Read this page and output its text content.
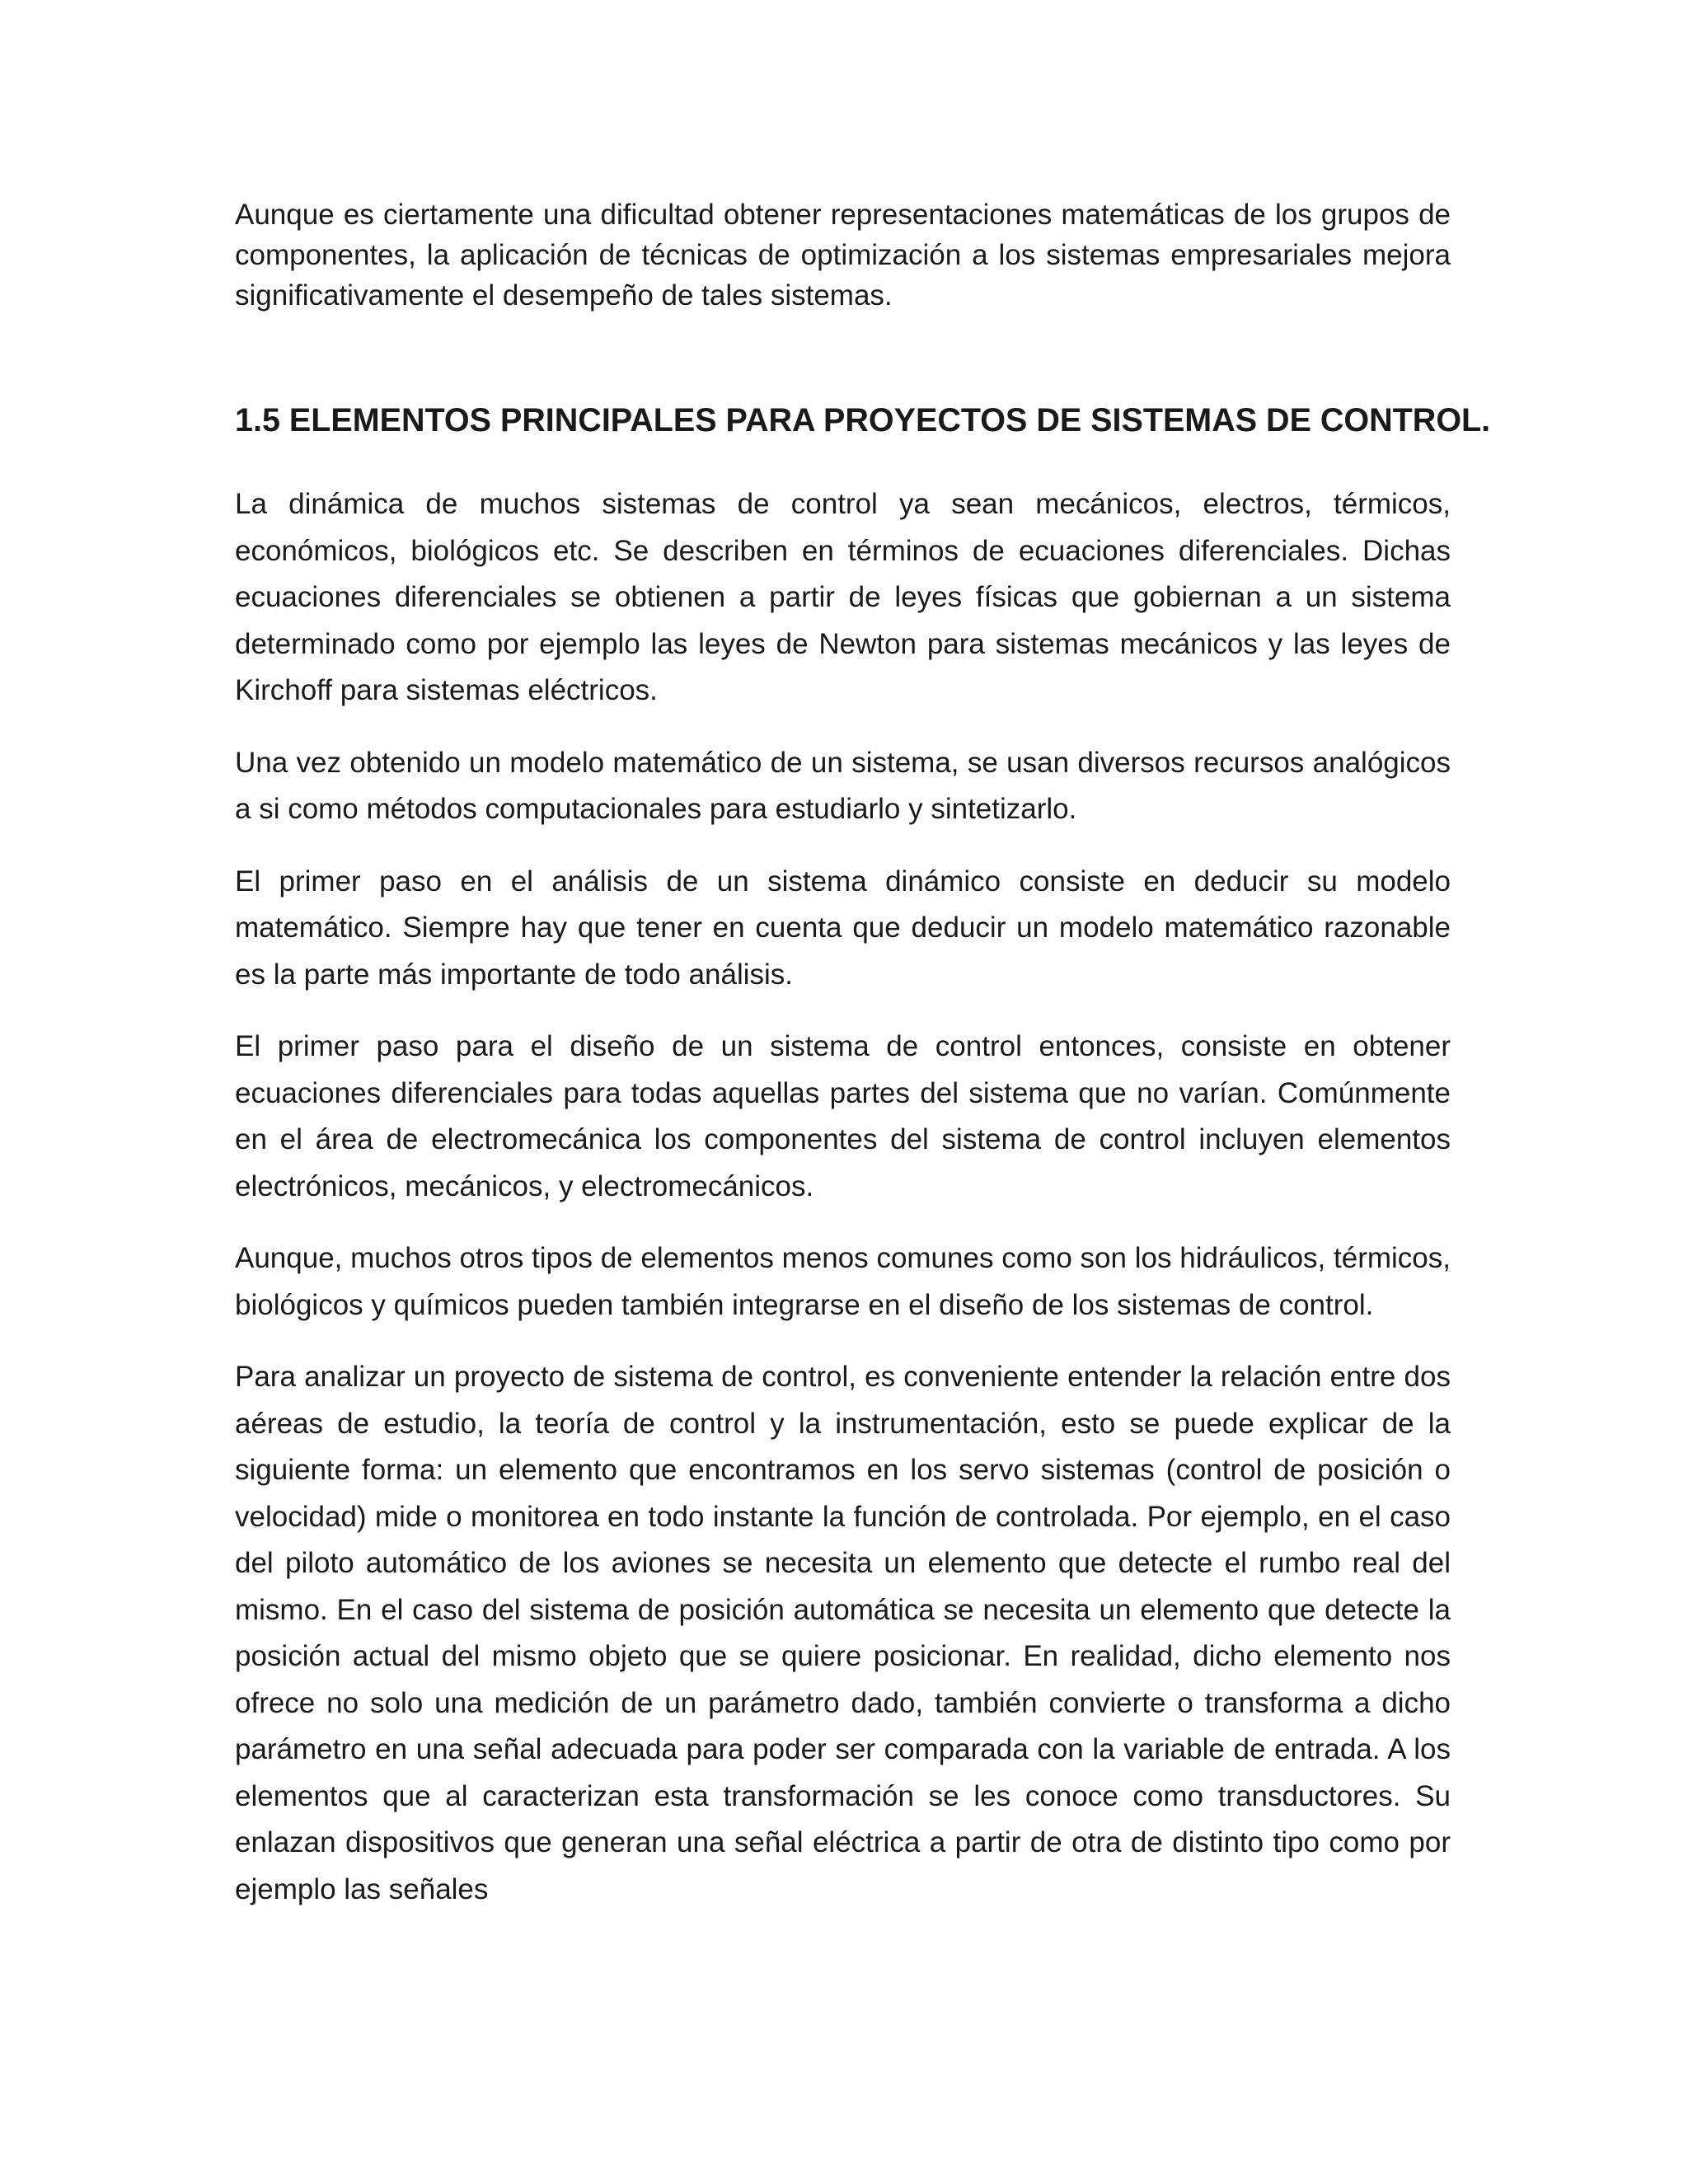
Aunque es ciertamente una dificultad obtener representaciones matemáticas de los grupos de componentes, la aplicación de técnicas de optimización a los sistemas empresariales mejora significativamente el desempeño de tales sistemas.

1.5 ELEMENTOS PRINCIPALES PARA PROYECTOS DE SISTEMAS DE CONTROL.

La dinámica de muchos sistemas de control ya sean mecánicos, electros, térmicos, económicos, biológicos etc. Se describen en términos de ecuaciones diferenciales. Dichas ecuaciones diferenciales se obtienen a partir de leyes físicas que gobiernan a un sistema determinado como por ejemplo las leyes de Newton para sistemas mecánicos y las leyes de Kirchoff para sistemas eléctricos.

Una vez obtenido un modelo matemático de un sistema, se usan diversos recursos analógicos a si como métodos computacionales para estudiarlo y sintetizarlo.

El primer paso en el análisis de un sistema dinámico consiste en deducir su modelo matemático. Siempre hay que tener en cuenta que deducir un modelo matemático razonable es la parte más importante de todo análisis.

El primer paso para el diseño de un sistema de control entonces, consiste en obtener ecuaciones diferenciales para todas aquellas partes del sistema que no varían. Comúnmente en el área de electromecánica los componentes del sistema de control incluyen elementos electrónicos, mecánicos, y electromecánicos.

Aunque, muchos otros tipos de elementos menos comunes como son los hidráulicos, térmicos, biológicos y químicos pueden también integrarse en el diseño de los sistemas de control.

Para analizar un proyecto de sistema de control, es conveniente entender la relación entre dos aéreas de estudio, la teoría de control y la instrumentación, esto se puede explicar de la siguiente forma: un elemento que encontramos en los servo sistemas (control de posición o velocidad) mide o monitorea en todo instante la función de controlada. Por ejemplo, en el caso del piloto automático de los aviones se necesita un elemento que detecte el rumbo real del mismo. En el caso del sistema de posición automática se necesita un elemento que detecte la posición actual del mismo objeto que se quiere posicionar. En realidad, dicho elemento nos ofrece no solo una medición de un parámetro dado, también convierte o transforma a dicho parámetro en una señal adecuada para poder ser comparada con la variable de entrada. A los elementos que al caracterizan esta transformación se les conoce como transductores. Su enlazan dispositivos que generan una señal eléctrica a partir de otra de distinto tipo como por ejemplo las señales
